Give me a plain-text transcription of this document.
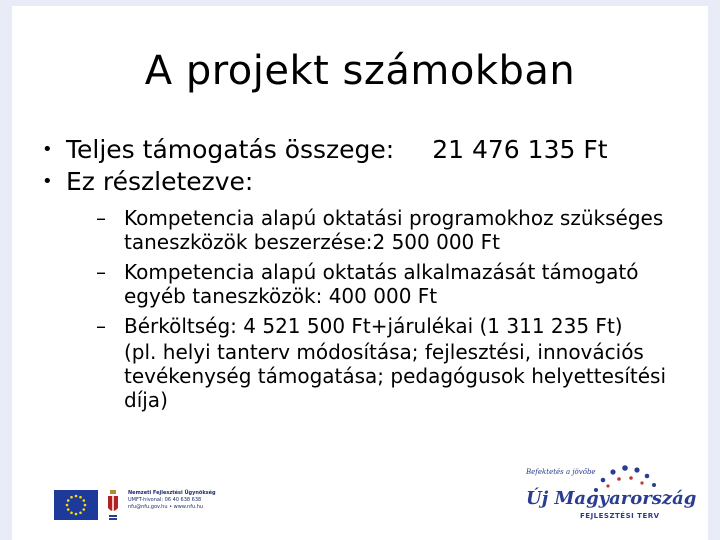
A projekt számokban
• Teljes támogatás összege: 21 476 135 Ft
• Ez részletezve:
– Kompetencia alapú oktatási programokhoz szükséges taneszközök beszerzése:2 500 000 Ft
– Kompetencia alapú oktatás alkalmazását támogató egyéb taneszközök: 400 000 Ft
– Bérköltség: 4 521 500 Ft+járulékai (1 311 235 Ft)
(pl. helyi tanterv módosítása; fejlesztési, innovációs tevékenység támogatása; pedagógusok helyettesítési díja)
Nemzeti Fejlesztési Ügynökség
UMFT-hivonal: 06 40 638 638
nfu@nfu.gov.hu • www.nfu.hu
Befektetés a jövőbe
Új Magyarország
FEJLESZTÉSI TERV
